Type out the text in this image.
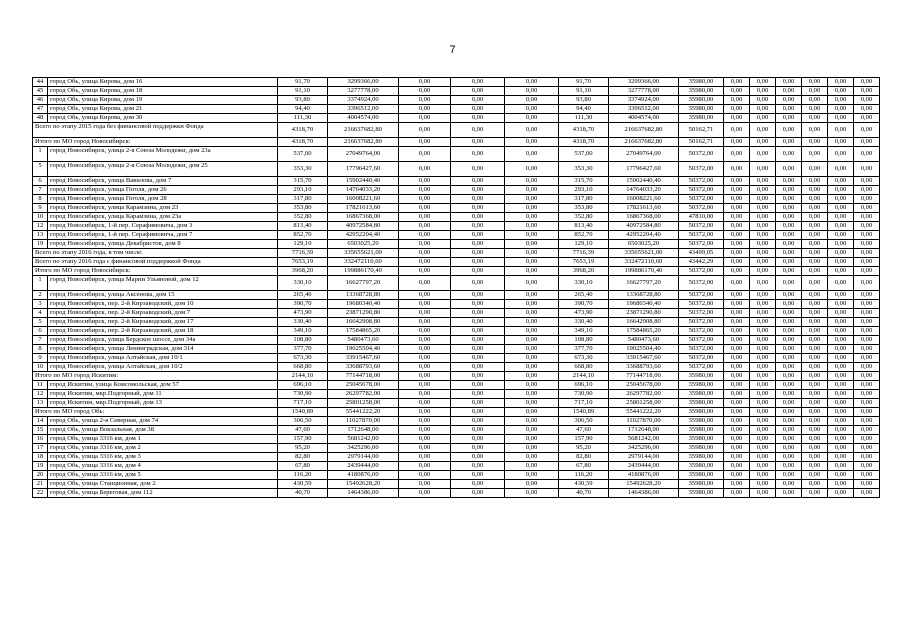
7
44	город Обь, улица Кирова, дом 16	91,70	3299366,00	0,00	0,00	0,00	91,70	3299366,00	35980,00	0,00	0,00	0,00	0,00	0,00	0,00
45	город Обь, улица Кирова, дом 18	91,10	3277778,00	0,00	0,00	0,00	91,10	3277778,00	35980,00	0,00	0,00	0,00	0,00	0,00	0,00
46	город Обь, улица Кирова, дом 19	93,80	3374924,00	0,00	0,00	0,00	93,80	3374924,00	35980,00	0,00	0,00	0,00	0,00	0,00	0,00
47	город Обь, улица Кирова, дом 21	94,40	3396512,00	0,00	0,00	0,00	94,40	3396512,00	35980,00	0,00	0,00	0,00	0,00	0,00	0,00
48	город Обь, улица Кирова, дом 30	111,30	4004574,00	0,00	0,00	0,00	111,30	4004574,00	35980,00	0,00	0,00	0,00	0,00	0,00	0,00
Всего по этапу 2015 года без финансовой поддержки Фонда		4318,70	216637682,80	0,00	0,00	0,00	4318,70	216637682,80	50162,71	0,00	0,00	0,00	0,00	0,00	0,00
Итого по МО город Новосибирск:		4318,70	216637682,80	0,00	0,00	0,00	4318,70	216637682,80	50162,71	0,00	0,00	0,00	0,00	0,00	0,00
1	город Новосибирск, улица 2-я Союза Молодежи, дом 23а	537,00	27049764,00	0,00	0,00	0,00	537,00	27049764,00	50372,00	0,00	0,00	0,00	0,00	0,00	0,00
5	город Новосибирск, улица 2-я Союза Молодежи, дом 25	353,30	17796427,60	0,00	0,00	0,00	353,30	17796427,60	50372,00	0,00	0,00	0,00	0,00	0,00	0,00
6	город Новосибирск, улица Вавилова, дом 7	315,70	15902440,40	0,00	0,00	0,00	315,70	15902440,40	50372,00	0,00	0,00	0,00	0,00	0,00	0,00
7	город Новосибирск, улица Гоголя, дом 26	293,10	14764033,20	0,00	0,00	0,00	293,10	14764033,20	50372,00	0,00	0,00	0,00	0,00	0,00	0,00
8	город Новосибирск, улица Гоголя, дом 28	317,80	16008221,60	0,00	0,00	0,00	317,80	16008221,60	50372,00	0,00	0,00	0,00	0,00	0,00	0,00
9	город Новосибирск, улица Карамзина, дом 23	353,80	17821613,60	0,00	0,00	0,00	353,80	17821613,60	50372,00	0,00	0,00	0,00	0,00	0,00	0,00
10	город Новосибирск, улица Карамзина, дом 23а	352,80	16867368,00	0,00	0,00	0,00	352,80	16867368,00	47810,00	0,00	0,00	0,00	0,00	0,00	0,00
12	город Новосибирск, 1-й пер. Серафимовича, дом 3	813,40	40972584,80	0,00	0,00	0,00	813,40	40972584,80	50372,00	0,00	0,00	0,00	0,00	0,00	0,00
13	город Новосибирск, 1-й пер. Серафимовича, дом 7	852,70	42952204,40	0,00	0,00	0,00	852,70	42952204,40	50372,00	0,00	0,00	0,00	0,00	0,00	0,00
19	город Новосибирск, улица Декабристов, дом 8	129,10	6503025,20	0,00	0,00	0,00	129,10	6503025,20	50372,00	0,00	0,00	0,00	0,00	0,00	0,00
Всего по этапу 2016 года, в том числе:		7716,39	335655621,00	0,00	0,00	0,00	7716,39	335655621,00	43499,05	0,00	0,00	0,00	0,00	0,00	0,00
Всего по этапу 2016 года с финансовой поддержкой Фонда		7653,19	332472110,60	0,00	0,00	0,00	7653,19	332472110,60	43442,29	0,00	0,00	0,00	0,00	0,00	0,00
Итого по МО город Новосибирск:		3968,20	199886170,40	0,00	0,00	0,00	3968,20	199886170,40	50372,00	0,00	0,00	0,00	0,00	0,00	0,00
1	город Новосибирск, улица Марии Ульяновой, дом 12	330,10	16627797,20	0,00	0,00	0,00	330,10	16627797,20	50372,00	0,00	0,00	0,00	0,00	0,00	0,00
2	город Новосибирск, улица Аксенова, дом 15	265,40	13368728,80	0,00	0,00	0,00	265,40	13368728,80	50372,00	0,00	0,00	0,00	0,00	0,00	0,00
3	город Новосибирск, пер. 2-й Кирзаводский, дом 10	390,70	19680340,40	0,00	0,00	0,00	390,70	19680340,40	50372,00	0,00	0,00	0,00	0,00	0,00	0,00
4	город Новосибирск, пер. 2-й Кирзаводский, дом 7	473,90	23871290,80	0,00	0,00	0,00	473,90	23871290,80	50372,00	0,00	0,00	0,00	0,00	0,00	0,00
5	город Новосибирск, пер. 2-й Кирзаводский, дом 17	330,40	16642908,80	0,00	0,00	0,00	330,40	16642908,80	50372,00	0,00	0,00	0,00	0,00	0,00	0,00
6	город Новосибирск, пер. 2-й Кирзаводский, дом 18	349,10	17584865,20	0,00	0,00	0,00	349,10	17584865,20	50372,00	0,00	0,00	0,00	0,00	0,00	0,00
7	город Новосибирск, улица Бердское шоссе, дом 34а	108,80	5480473,60	0,00	0,00	0,00	108,80	5480473,60	50372,00	0,00	0,00	0,00	0,00	0,00	0,00
8	город Новосибирск, улица Ленинградская, дом 314	377,70	19025504,40	0,00	0,00	0,00	377,70	19025504,40	50372,00	0,00	0,00	0,00	0,00	0,00	0,00
9	город Новосибирск, улица Алтайская, дом 10/1	673,30	33915467,60	0,00	0,00	0,00	673,30	33915467,60	50372,00	0,00	0,00	0,00	0,00	0,00	0,00
10	город Новосибирск, улица Алтайская, дом 10/2	668,80	33688793,60	0,00	0,00	0,00	668,80	33688793,60	50372,00	0,00	0,00	0,00	0,00	0,00	0,00
Итого по МО город Искитим:		2144,10	77144718,00	0,00	0,00	0,00	2144,10	77144718,00	35980,00	0,00	0,00	0,00	0,00	0,00	0,00
11	город Искитим, улица Комсомольская, дом 57	696,10	25045678,00	0,00	0,00	0,00	696,10	25045678,00	35980,00	0,00	0,00	0,00	0,00	0,00	0,00
12	город Искитим, мкр.Подгорный, дом 11	730,90	26297782,00	0,00	0,00	0,00	730,90	26297782,00	35980,00	0,00	0,00	0,00	0,00	0,00	0,00
13	город Искитим, мкр.Подгорный, дом 13	717,10	25801258,00	0,00	0,00	0,00	717,10	25801258,00	35980,00	0,00	0,00	0,00	0,00	0,00	0,00
Итого по МО город Обь:		1540,89	55441222,20	0,00	0,00	0,00	1540,89	55441222,20	35980,00	0,00	0,00	0,00	0,00	0,00	0,00
14	город Обь, улица 2-я Северная, дом 74	306,50	11027870,00	0,00	0,00	0,00	306,50	11027870,00	35980,00	0,00	0,00	0,00	0,00	0,00	0,00
15	город Обь, улица Вокзальная, дом 38	47,60	1712648,00	0,00	0,00	0,00	47,60	1712648,00	35980,00	0,00	0,00	0,00	0,00	0,00	0,00
16	город Обь, улица 3316 км, дом 1	157,90	5681242,00	0,00	0,00	0,00	157,90	5681242,00	35980,00	0,00	0,00	0,00	0,00	0,00	0,00
17	город Обь, улица 3316 км, дом 2	95,20	3425296,00	0,00	0,00	0,00	95,20	3425296,00	35980,00	0,00	0,00	0,00	0,00	0,00	0,00
18	город Обь, улица 3316 км, дом 3	82,80	2979144,00	0,00	0,00	0,00	82,80	2979144,00	35980,00	0,00	0,00	0,00	0,00	0,00	0,00
19	город Обь, улица 3316 км, дом 4	67,80	2439444,00	0,00	0,00	0,00	67,80	2439444,00	35980,00	0,00	0,00	0,00	0,00	0,00	0,00
20	город Обь, улица 3316 км, дом 5	116,20	4180876,00	0,00	0,00	0,00	116,20	4180876,00	35980,00	0,00	0,00	0,00	0,00	0,00	0,00
21	город Обь, улица Станционная, дом 2	430,59	15492628,20	0,00	0,00	0,00	430,59	15492628,20	35980,00	0,00	0,00	0,00	0,00	0,00	0,00
22	город Обь, улица Береговая, дом 112	40,70	1464386,00	0,00	0,00	0,00	40,70	1464386,00	35980,00	0,00	0,00	0,00	0,00	0,00	0,00
